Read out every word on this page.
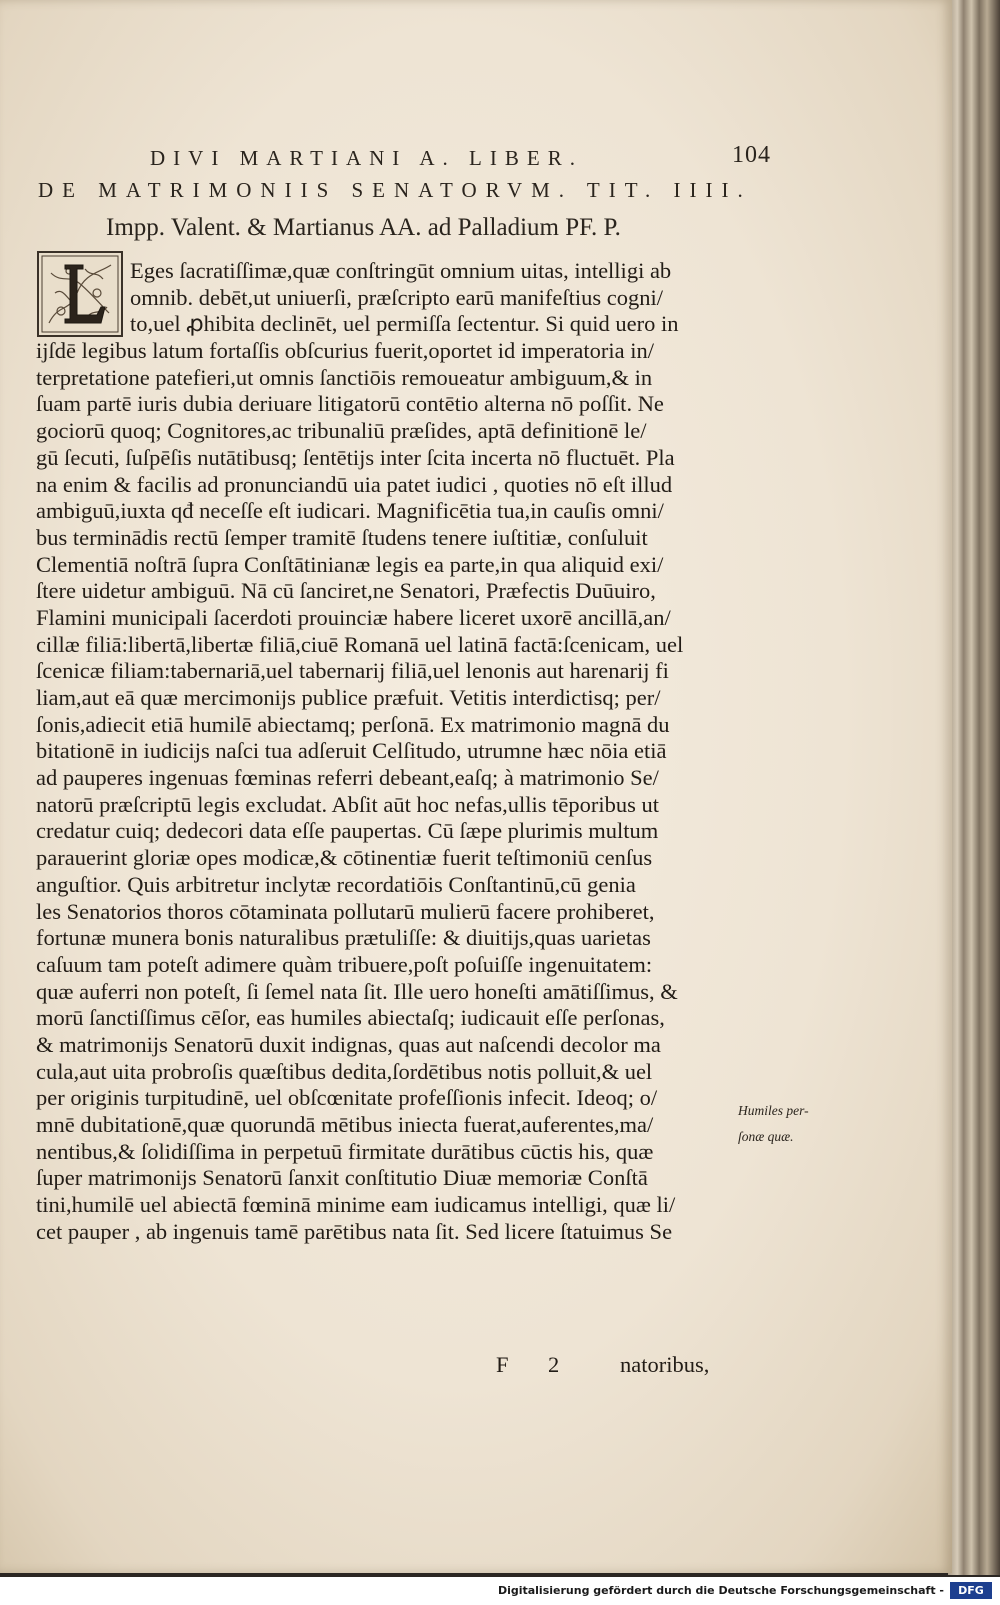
DIVI MARTIANI A. LIBER.	104
DE MATRIMONIIS SENATORVM. TIT. IIII.
Impp. Valent. & Martianus AA. ad Palladium PF. P.
Eges ſacratiſſimæ,quæ conſtringūt omnium uitas, intelligi ab
omnib. debēt,ut uniuerſi, præſcripto earū manifeſtius cogni/
to,uel ꝓhibita declinēt, uel permiſſa ſectentur. Si quid uero in
ijſdē legibus latum fortaſſis obſcurius fuerit,oportet id imperatoria in/
terpretatione patefieri,ut omnis ſanctiōis remoueatur ambiguum,& in
ſuam partē iuris dubia deriuare litigatorū contētio alterna nō poſſit. Ne
gociorū quoq; Cognitores,ac tribunaliū præſides, aptā definitionē le/
gū ſecuti, ſuſpēſis nutātibusq; ſentētijs inter ſcita incerta nō fluctuēt. Pla
na enim & facilis ad pronunciandū uia patet iudici , quoties nō eſt illud
ambiguū,iuxta qđ neceſſe eſt iudicari. Magnificētia tua,in cauſis omni/
bus terminādis rectū ſemper tramitē ſtudens tenere iuſtitiæ, conſuluit
Clementiā noſtrā ſupra Conſtātinianæ legis ea parte,in qua aliquid exi/
ſtere uidetur ambiguū. Nā cū ſanciret,ne Senatori, Præfectis Duūuiro,
Flamini municipali ſacerdoti prouinciæ habere liceret uxorē ancillā,an/
cillæ filiā:libertā,libertæ filiā,ciuē Romanā uel latinā factā:ſcenicam, uel
ſcenicæ filiam:tabernariā,uel tabernarij filiā,uel lenonis aut harenarij fi
liam,aut eā quæ mercimonijs publice præfuit. Vetitis interdictisq; per/
ſonis,adiecit etiā humilē abiectamq; perſonā. Ex matrimonio magnā du
bitationē in iudicijs naſci tua adſeruit Celſitudo, utrumne hæc nōia etiā
ad pauperes ingenuas fœminas referri debeant,eaſq; à matrimonio Se/
natorū præſcriptū legis excludat. Abſit aūt hoc nefas,ullis tēporibus ut
credatur cuiq; dedecori data eſſe paupertas. Cū ſæpe plurimis multum
parauerint gloriæ opes modicæ,& cōtinentiæ fuerit teſtimoniū cenſus
anguſtior. Quis arbitretur inclytæ recordatiōis Conſtantinū,cū genia
les Senatorios thoros cōtaminata pollutarū mulierū facere prohiberet,
fortunæ munera bonis naturalibus prætuliſſe: & diuitijs,quas uarietas
caſuum tam poteſt adimere quàm tribuere,poſt poſuiſſe ingenuitatem:
quæ auferri non poteſt, ſi ſemel nata ſit. Ille uero honeſti amātiſſimus, &
morū ſanctiſſimus cēſor, eas humiles abiectaſq; iudicauit eſſe perſonas,
& matrimonijs Senatorū duxit indignas, quas aut naſcendi decolor ma
cula,aut uita probroſis quæſtibus dedita,ſordētibus notis polluit,& uel
per originis turpitudinē, uel obſcœnitate profeſſionis infecit. Ideoq; o/
mnē dubitationē,quæ quorundā mētibus iniecta fuerat,auferentes,ma/
nentibus,& ſolidiſſima in perpetuū firmitate durātibus cūctis his, quæ
ſuper matrimonijs Senatorū ſanxit conſtitutio Diuæ memoriæ Conſtā
tini,humilē uel abiectā fœminā minime eam iudicamus intelligi, quæ li/
cet pauper , ab ingenuis tamē parētibus nata ſit. Sed licere ſtatuimus Se
F 2	natoribus,
Humiles per-
ſonæ quæ.
Digitalisierung gefördert durch die Deutsche Forschungsgemeinschaft -	DFG
